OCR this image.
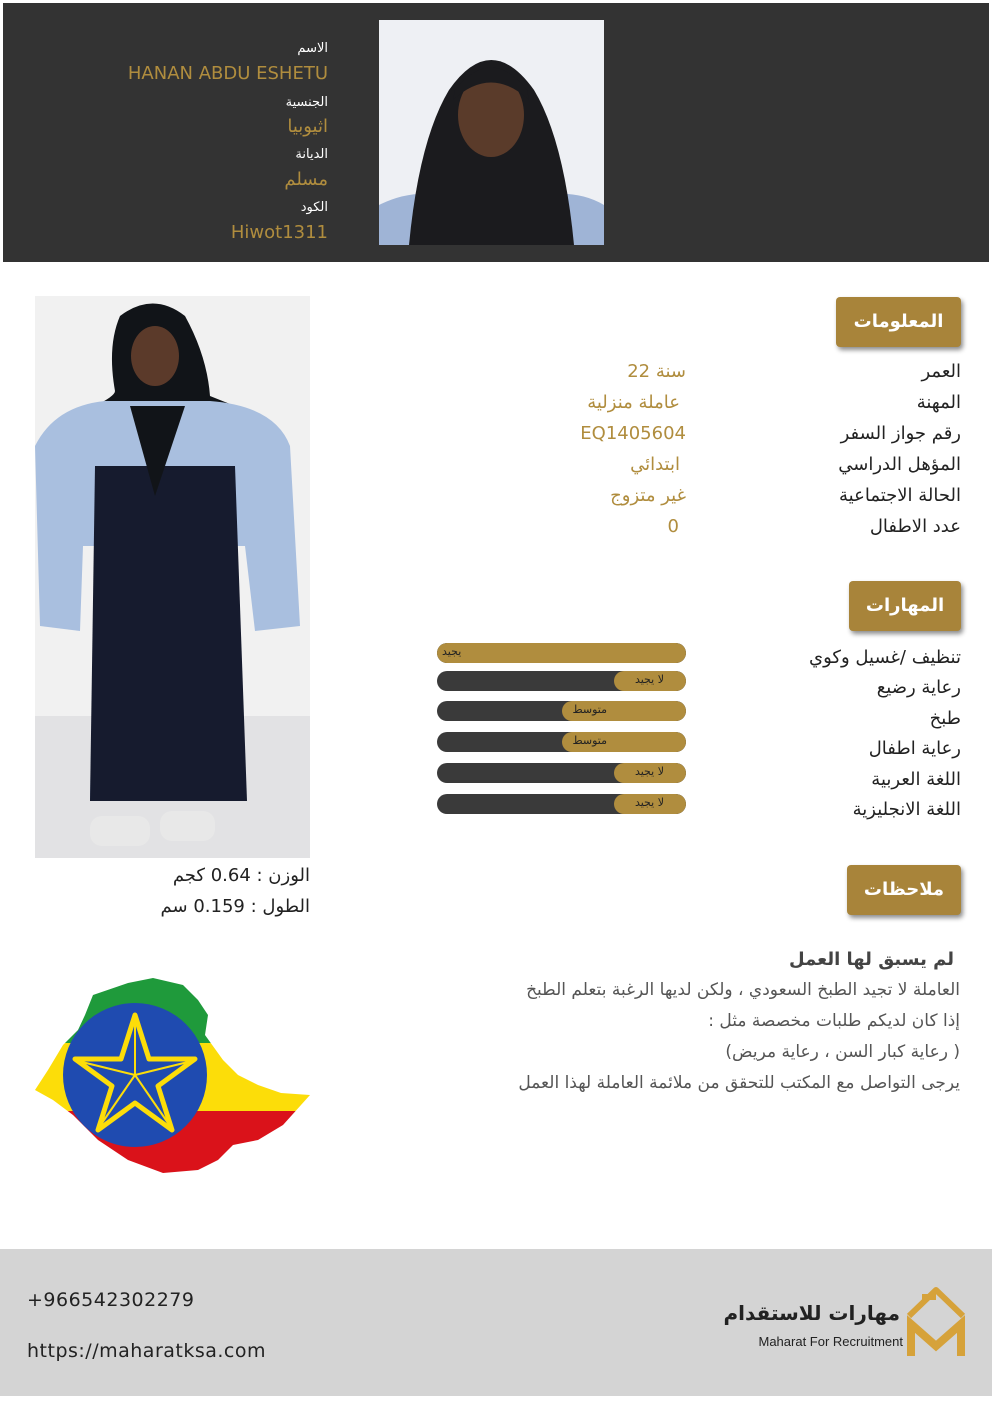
الاسم
HANAN ABDU ESHETU
الجنسية
اثيوبيا
الديانة
مسلم
الكود
Hiwot1311
الوزن : 0.64 كجم
الطول : 0.159 سم
المعلومات
العمر
22 سنة
المهنة
عاملة منزلية
رقم جواز السفر
EQ1405604
المؤهل الدراسي
ابتدائي
الحالة الاجتماعية
غير متزوج
عدد الاطفال
0
المهارات
تنظيف /غسيل وكوي
رعاية رضيع
طبخ
رعاية اطفال
اللغة العربية
اللغة الانجليزية
يجيد
لا يجيد
متوسط
متوسط
لا يجيد
لا يجيد
ملاحظات
لم يسبق لها العمل
العاملة لا تجيد الطبخ السعودي ، ولكن لديها الرغبة بتعلم الطبخ
إذا كان لديكم طلبات مخصصة مثل :
( رعاية كبار السن ، رعاية مريض)
يرجى التواصل مع المكتب للتحقق من ملائمة العاملة لهذا العمل
+966542302279
https://maharatksa.com
مهارات للاستقدام
Maharat For Recruitment
